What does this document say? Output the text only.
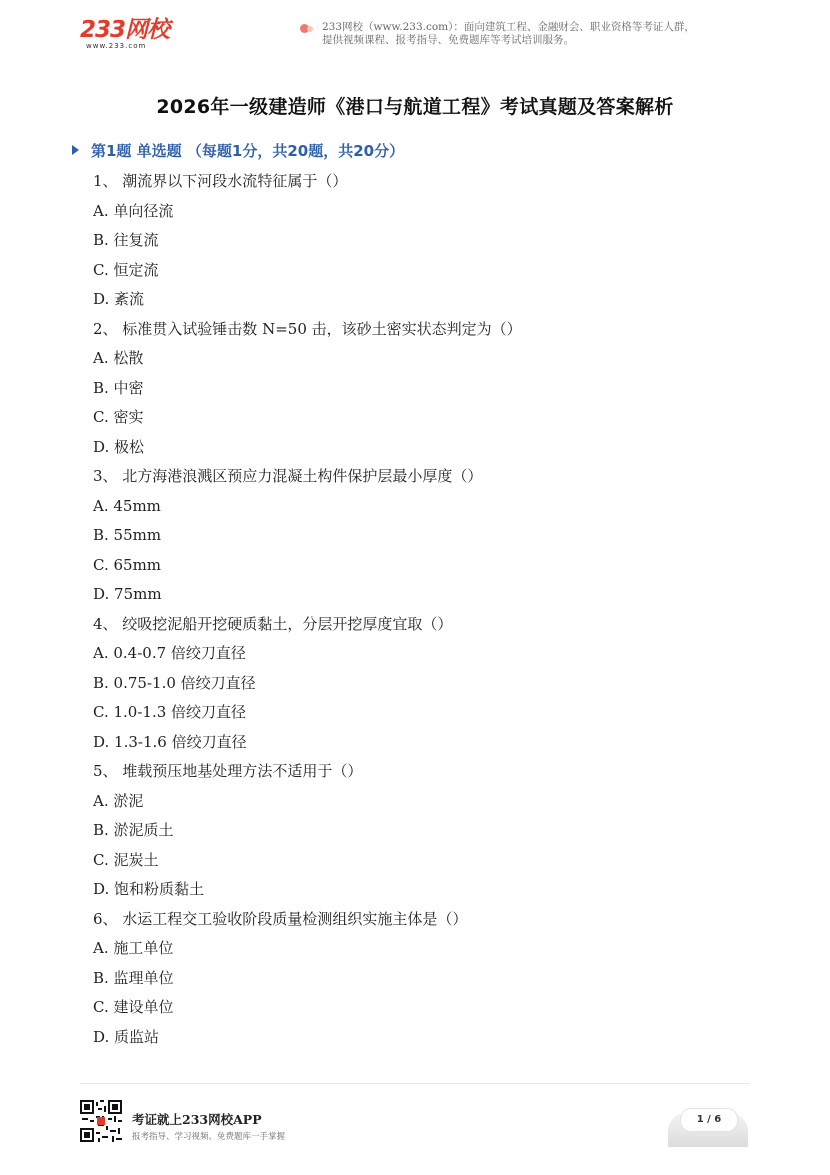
233网校
www.233.com
233网校（www.233.com）：面向建筑工程、金融财会、职业资格等考证人群，
提供视频课程、报考指导、免费题库等考试培训服务。
2026年一级建造师《港口与航道工程》考试真题及答案解析
第1题 单选题 （每题1分，共20题，共20分）
1、 潮流界以下河段水流特征属于（）
A. 单向径流
B. 往复流
C. 恒定流
D. 紊流
2、 标准贯入试验锤击数 N=50 击，该砂土密实状态判定为（）
A. 松散
B. 中密
C. 密实
D. 极松
3、 北方海港浪溅区预应力混凝土构件保护层最小厚度（）
A. 45mm
B. 55mm
C. 65mm
D. 75mm
4、 绞吸挖泥船开挖硬质黏土，分层开挖厚度宜取（）
A. 0.4-0.7 倍绞刀直径
B. 0.75-1.0 倍绞刀直径
C. 1.0-1.3 倍绞刀直径
D. 1.3-1.6 倍绞刀直径
5、 堆载预压地基处理方法不适用于（）
A. 淤泥
B. 淤泥质土
C. 泥炭土
D. 饱和粉质黏土
6、 水运工程交工验收阶段质量检测组织实施主体是（）
A. 施工单位
B. 监理单位
C. 建设单位
D. 质监站
考证就上233网校APP
报考指导、学习视频、免费题库一手掌握
1 / 6
